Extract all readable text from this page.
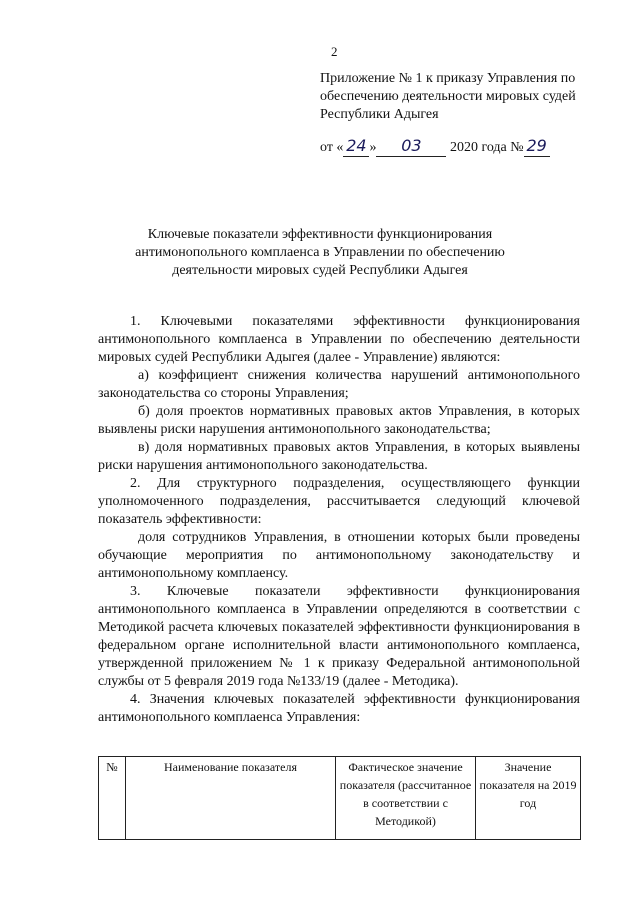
2
Приложение № 1 к приказу Управления по обеспечению деятельности мировых судей Республики Адыгея
от « 24 » 03 2020 года № 29
Ключевые показатели эффективности функционирования антимонопольного комплаенса в Управлении по обеспечению деятельности мировых судей Республики Адыгея

1. Ключевыми показателями эффективности функционирования антимонопольного комплаенса в Управлении по обеспечению деятельности мировых судей Республики Адыгея (далее - Управление) являются:

а) коэффициент снижения количества нарушений антимонопольного законодательства со стороны Управления;

б) доля проектов нормативных правовых актов Управления, в которых выявлены риски нарушения антимонопольного законодательства;

в) доля нормативных правовых актов Управления, в которых выявлены риски нарушения антимонопольного законодательства.

2. Для структурного подразделения, осуществляющего функции уполномоченного подразделения, рассчитывается следующий ключевой показатель эффективности:

доля сотрудников Управления, в отношении которых были проведены обучающие мероприятия по антимонопольному законодательству и антимонопольному комплаенсу.

3. Ключевые показатели эффективности функционирования антимонопольного комплаенса в Управлении определяются в соответствии с Методикой расчета ключевых показателей эффективности функционирования в федеральном органе исполнительной власти антимонопольного комплаенса, утвержденной приложением № 1 к приказу Федеральной антимонопольной службы от 5 февраля 2019 года №133/19 (далее - Методика).

4. Значения ключевых показателей эффективности функционирования антимонопольного комплаенса Управления:

№	Наименование показателя	Фактическое значение показателя (рассчитанное в соответствии с Методикой)	Значение показателя на 2019 год
